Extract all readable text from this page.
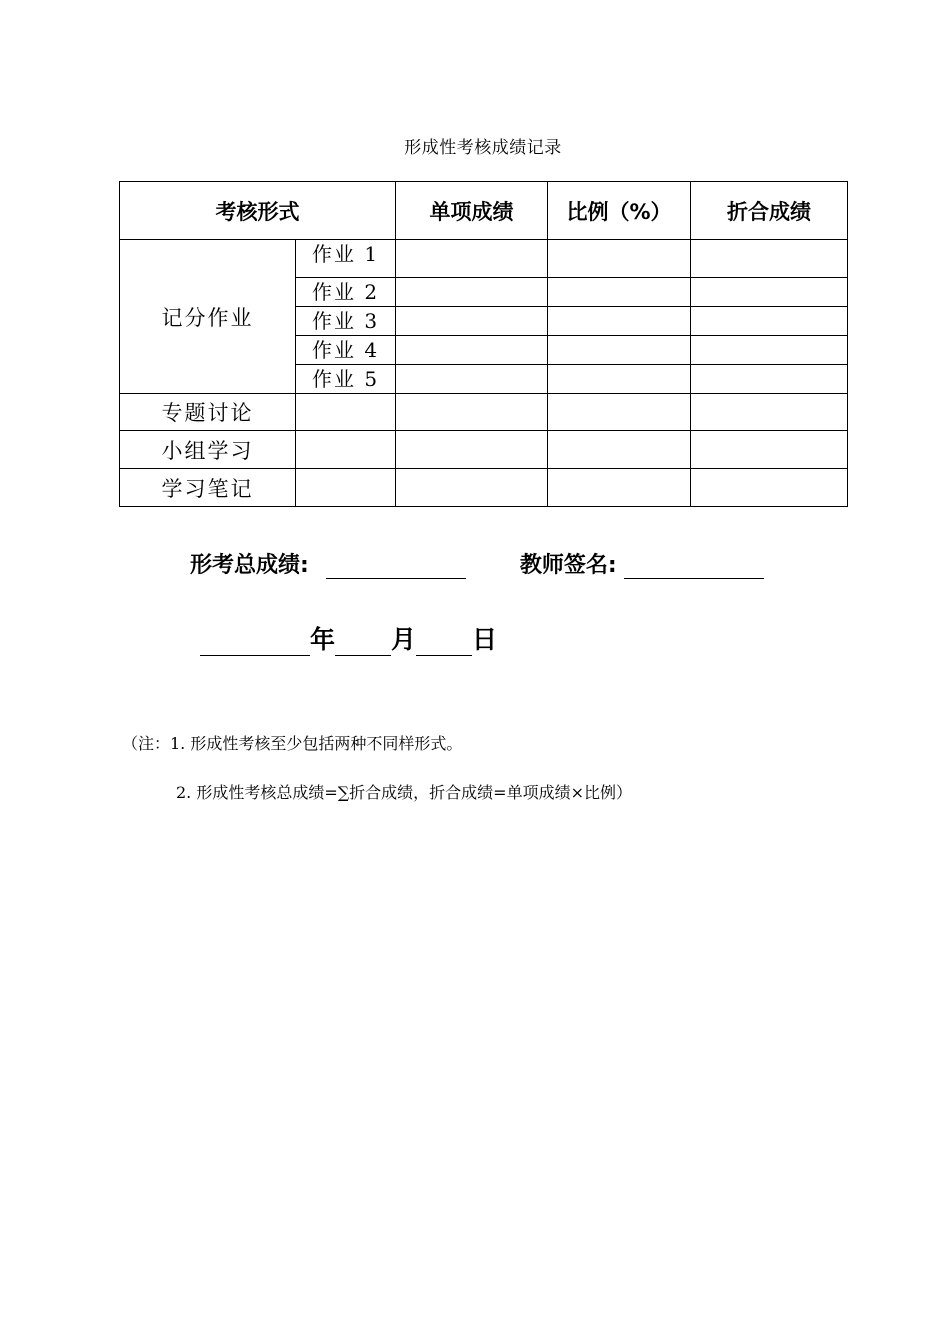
形成性考核成绩记录
考核形式		单项成绩	比例（%）	折合成绩
记分作业	作业 1			
	作业 2			
	作业 3			
	作业 4			
	作业 5			
专题讨论				
小组学习				
学习笔记				
形考总成绩:	教师签名:
年 月 日
（注：1. 形成性考核至少包括两种不同样形式。
2. 形成性考核总成绩=∑折合成绩，折合成绩=单项成绩×比例）
